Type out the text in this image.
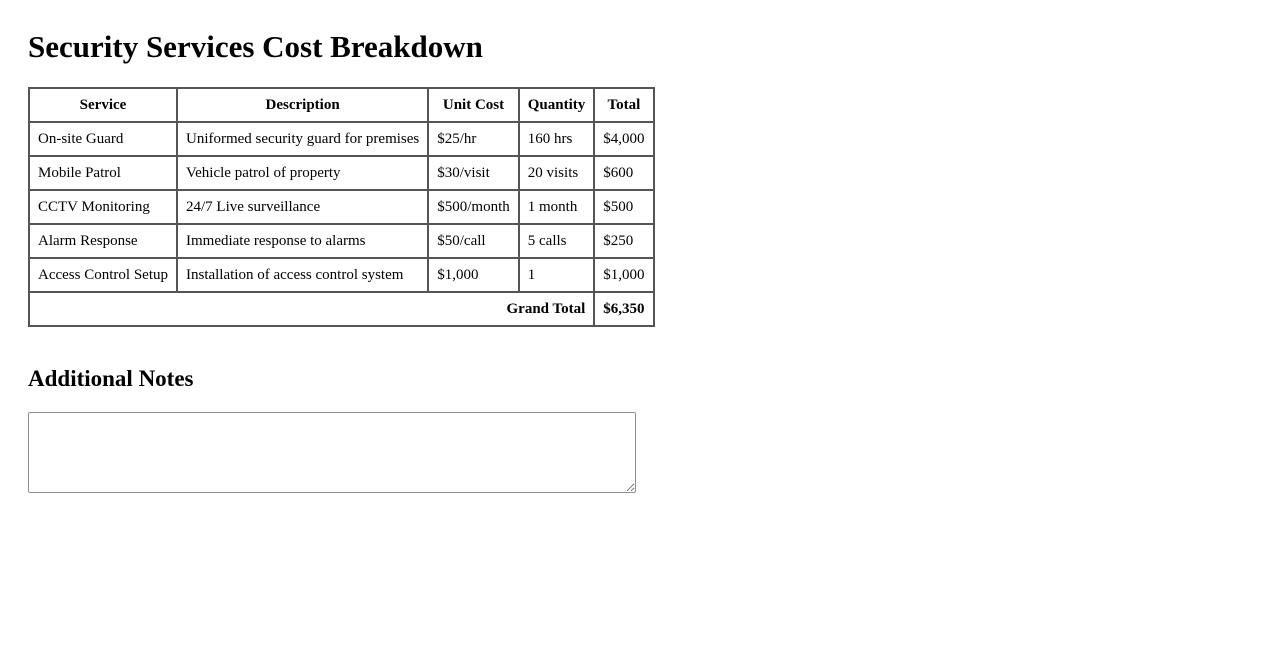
Security Services Cost Breakdown
Service	Description	Unit Cost	Quantity	Total
On-site Guard	Uniformed security guard for premises	$25/hr	160 hrs	$4,000
Mobile Patrol	Vehicle patrol of property	$30/visit	20 visits	$600
CCTV Monitoring	24/7 Live surveillance	$500/month	1 month	$500
Alarm Response	Immediate response to alarms	$50/call	5 calls	$250
Access Control Setup	Installation of access control system	$1,000	1	$1,000
Grand Total				$6,350
Additional Notes
